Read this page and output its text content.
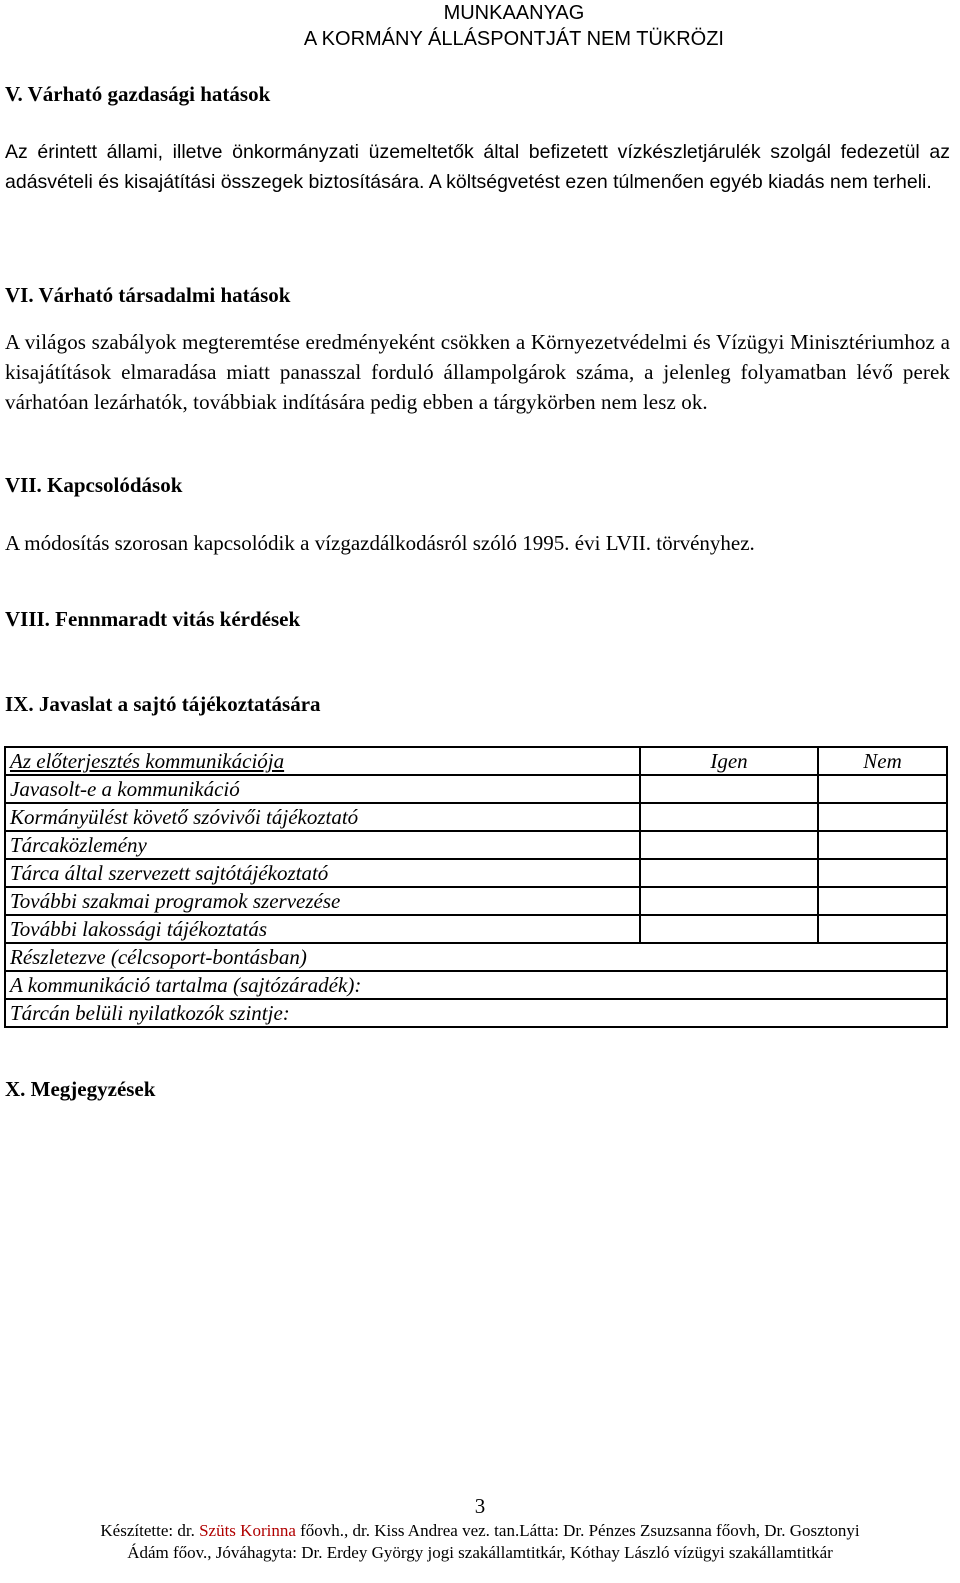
MUNKAANYAG
A KORMÁNY ÁLLÁSPONTJÁT NEM TÜKRÖZI
V. Várható gazdasági hatások
Az érintett állami, illetve önkormányzati üzemeltetők által befizetett vízkészletjárulék szolgál fedezetül az adásvételi és kisajátítási összegek biztosítására. A költségvetést ezen túlmenően egyéb kiadás nem terheli.
VI. Várható társadalmi hatások
A világos szabályok megteremtése eredményeként csökken a Környezetvédelmi és Vízügyi Minisztériumhoz a kisajátítások elmaradása miatt panasszal forduló állampolgárok száma, a jelenleg folyamatban lévő perek várhatóan lezárhatók, továbbiak indítására pedig ebben a tárgykörben nem lesz ok.
VII. Kapcsolódások
A módosítás szorosan kapcsolódik a vízgazdálkodásról szóló 1995. évi LVII. törvényhez.
VIII. Fennmaradt vitás kérdések
IX. Javaslat a sajtó tájékoztatására
Az előterjesztés kommunikációja	Igen	Nem
Javasolt-e a kommunikáció		
Kormányülést követő szóvivői tájékoztató		
Tárcaközlemény		
Tárca által szervezett sajtótájékoztató		
További szakmai programok szervezése		
További lakossági tájékoztatás		
Részletezve (célcsoport-bontásban)		
A kommunikáció tartalma (sajtózáradék):		
Tárcán belüli nyilatkozók szintje:		
X. Megjegyzések
3
Készítette: dr. Szüts Korinna főovh., dr. Kiss Andrea vez. tan.Látta: Dr. Pénzes Zsuzsanna főovh, Dr. Gosztonyi
Ádám főov., Jóváhagyta: Dr. Erdey György jogi szakállamtitkár, Kóthay László vízügyi szakállamtitkár
